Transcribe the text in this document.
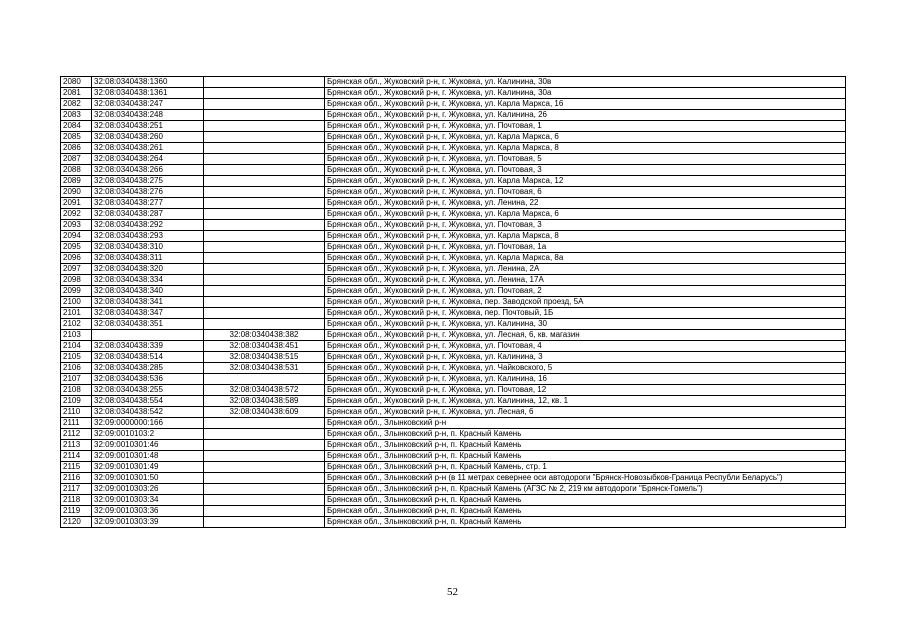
2080	32:08:0340438:1360		Брянская обл., Жуковский р-н, г. Жуковка, ул. Калинина, 30в
2081	32:08:0340438:1361		Брянская обл., Жуковский р-н, г. Жуковка, ул. Калинина, 30а
2082	32:08:0340438:247		Брянская обл., Жуковский р-н, г. Жуковка, ул. Карла Маркса, 16
2083	32:08:0340438:248		Брянская обл., Жуковский р-н, г. Жуковка, ул. Калинина, 26
2084	32:08:0340438:251		Брянская обл., Жуковский р-н, г. Жуковка, ул. Почтовая, 1
2085	32:08:0340438:260		Брянская обл., Жуковский р-н, г. Жуковка, ул. Карла Маркса, 6
2086	32:08:0340438:261		Брянская обл., Жуковский р-н, г. Жуковка, ул. Карла Маркса, 8
2087	32:08:0340438:264		Брянская обл., Жуковский р-н, г. Жуковка, ул. Почтовая, 5
2088	32:08:0340438:266		Брянская обл., Жуковский р-н, г. Жуковка, ул. Почтовая, 3
2089	32:08:0340438:275		Брянская обл., Жуковский р-н, г. Жуковка, ул. Карла Маркса, 12
2090	32:08:0340438:276		Брянская обл., Жуковский р-н, г. Жуковка, ул. Почтовая, 6
2091	32:08:0340438:277		Брянская обл., Жуковский р-н, г. Жуковка, ул. Ленина, 22
2092	32:08:0340438:287		Брянская обл., Жуковский р-н, г. Жуковка, ул. Карла Маркса, 6
2093	32:08:0340438:292		Брянская обл., Жуковский р-н, г. Жуковка, ул. Почтовая, 3
2094	32:08:0340438:293		Брянская обл., Жуковский р-н, г. Жуковка, ул. Карла Маркса, 8
2095	32:08:0340438:310		Брянская обл., Жуковский р-н, г. Жуковка, ул. Почтовая, 1а
2096	32:08:0340438:311		Брянская обл., Жуковский р-н, г. Жуковка, ул. Карла Маркса, 8а
2097	32:08:0340438:320		Брянская обл., Жуковский р-н, г. Жуковка, ул. Ленина, 2А
2098	32:08:0340438:334		Брянская обл., Жуковский р-н, г. Жуковка, ул. Ленина, 17А
2099	32:08:0340438:340		Брянская обл., Жуковский р-н, г. Жуковка, ул. Почтовая, 2
2100	32:08:0340438:341		Брянская обл., Жуковский р-н, г. Жуковка, пер. Заводской проезд, 5А
2101	32:08:0340438:347		Брянская обл., Жуковский р-н, г. Жуковка, пер. Почтовый, 1Б
2102	32:08:0340438:351		Брянская обл., Жуковский р-н, г. Жуковка, ул. Калинина, 30
2103		32:08:0340438:382	Брянская обл., Жуковский р-н, г. Жуковка, ул. Лесная, 6, кв. магазин
2104	32:08:0340438:339	32:08:0340438:451	Брянская обл., Жуковский р-н, г. Жуковка, ул. Почтовая, 4
2105	32:08:0340438:514	32:08:0340438:515	Брянская обл., Жуковский р-н, г. Жуковка, ул. Калинина, 3
2106	32:08:0340438:285	32:08:0340438:531	Брянская обл., Жуковский р-н, г. Жуковка, ул. Чайковского, 5
2107	32:08:0340438:536		Брянская обл., Жуковский р-н, г. Жуковка, ул. Калинина, 16
2108	32:08:0340438:255	32:08:0340438:572	Брянская обл., Жуковский р-н, г. Жуковка, ул. Почтовая, 12
2109	32:08:0340438:554	32:08:0340438:589	Брянская обл., Жуковский р-н, г. Жуковка, ул. Калинина, 12, кв. 1
2110	32:08:0340438:542	32:08:0340438:609	Брянская обл., Жуковский р-н, г. Жуковка, ул. Лесная, 6
2111	32:09:0000000:166		Брянская обл., Злынковский р-н
2112	32:09:0010103:2		Брянская обл., Злынковский р-н, п. Красный Камень
2113	32:09:0010301:46		Брянская обл., Злынковский р-н, п. Красный Камень
2114	32:09:0010301:48		Брянская обл., Злынковский р-н, п. Красный Камень
2115	32:09:0010301:49		Брянская обл., Злынковский р-н, п. Красный Камень, стр. 1
2116	32:09:0010301:50		Брянская обл., Злынковский р-н (в 11 метрах севернее оси автодороги "Брянск-Новозыбков-Граница Республи Беларусь")
2117	32:09:0010303:26		Брянская обл., Злынковский р-н, п. Красный Камень (АГЗС № 2, 219 км автодороги "Брянск-Гомель")
2118	32:09:0010303:34		Брянская обл., Злынковский р-н, п. Красный Камень
2119	32:09:0010303:36		Брянская обл., Злынковский р-н, п. Красный Камень
2120	32:09:0010303:39		Брянская обл., Злынковский р-н, п. Красный Камень
52
